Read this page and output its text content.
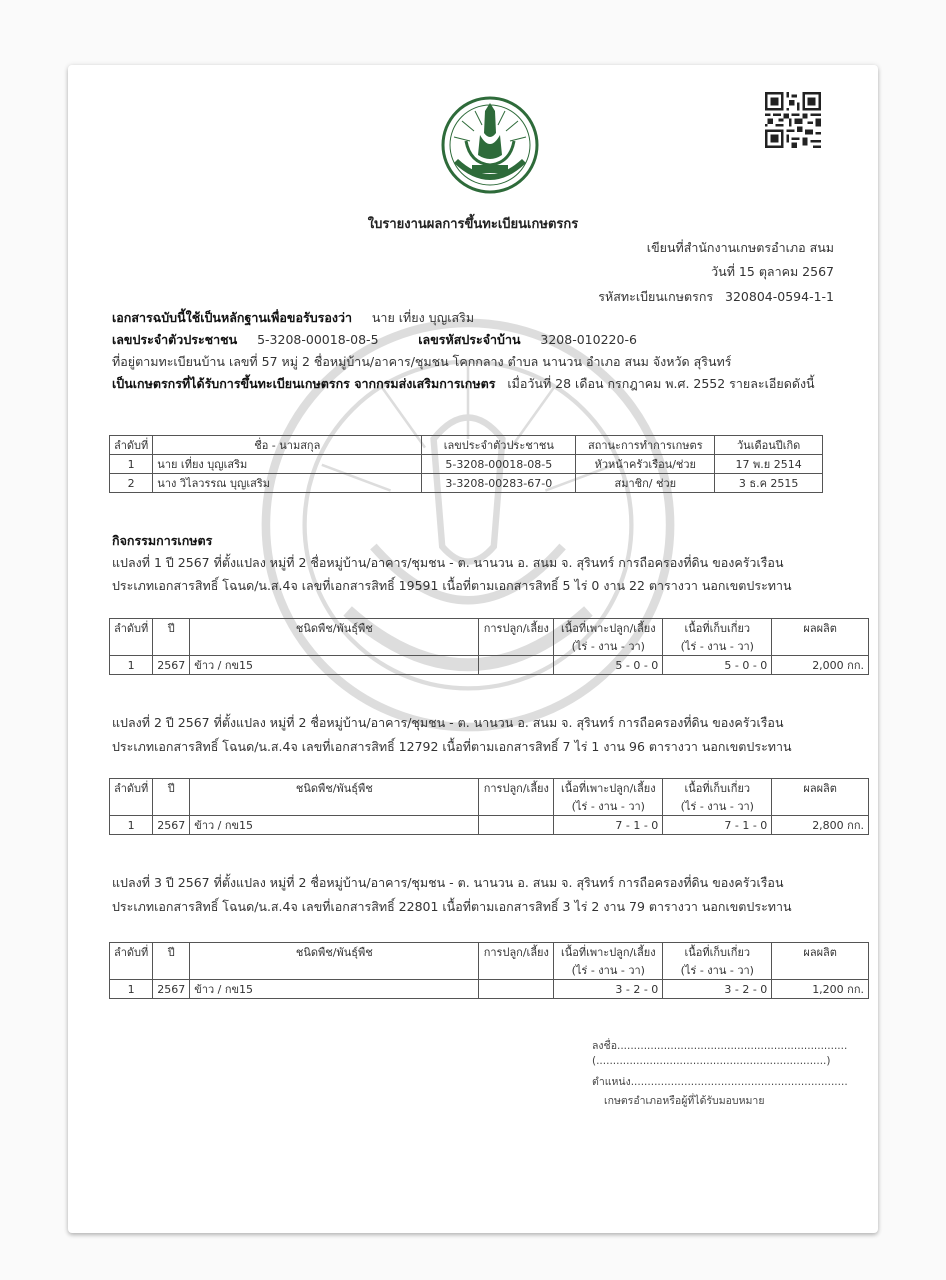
ใบรายงานผลการขึ้นทะเบียนเกษตรกร
เขียนที่สำนักงานเกษตรอำเภอ สนม
วันที่ 15 ตุลาคม 2567
รหัสทะเบียนเกษตรกร 320804-0594-1-1
เอกสารฉบับนี้ใช้เป็นหลักฐานเพื่อขอรับรองว่า นาย เที่ยง บุญเสริม
เลขประจำตัวประชาชน 5-3208-00018-08-5	เลขรหัสประจำบ้าน 3208-010220-6
ที่อยู่ตามทะเบียนบ้าน เลขที่ 57 หมู่ 2 ชื่อหมู่บ้าน/อาคาร/ชุมชน โคกกลาง ตำบล นานวน อำเภอ สนม จังหวัด สุรินทร์
เป็นเกษตรกรที่ได้รับการขึ้นทะเบียนเกษตรกร จากกรมส่งเสริมการเกษตร เมื่อวันที่ 28 เดือน กรกฎาคม พ.ศ. 2552 รายละเอียดดังนี้
ลำดับที่	ชื่อ - นามสกุล	เลขประจำตัวประชาชน	สถานะการทำการเกษตร	วันเดือนปีเกิด
1	นาย เที่ยง บุญเสริม	5-3208-00018-08-5	หัวหน้าครัวเรือน/ช่วย	17 พ.ย 2514
2	นาง วิไลวรรณ บุญเสริม	3-3208-00283-67-0	สมาชิก/ ช่วย	3 ธ.ค 2515
กิจกรรมการเกษตร
แปลงที่ 1 ปี 2567 ที่ตั้งแปลง หมู่ที่ 2 ชื่อหมู่บ้าน/อาคาร/ชุมชน - ต. นานวน อ. สนม จ. สุรินทร์ การถือครองที่ดิน ของครัวเรือน
ประเภทเอกสารสิทธิ์ โฉนด/น.ส.4จ เลขที่เอกสารสิทธิ์ 19591 เนื้อที่ตามเอกสารสิทธิ์ 5 ไร่ 0 งาน 22 ตารางวา นอกเขตประทาน
ลำดับที่	ปี	ชนิดพืช/พันธุ์พืช	การปลูก/เลี้ยง	เนื้อที่เพาะปลูก/เลี้ยง	เนื้อที่เก็บเกี่ยว	ผลผลิต
				(ไร่ - งาน - วา)	(ไร่ - งาน - วา)	
1	2567	ข้าว / กข15		5 - 0 - 0	5 - 0 - 0	2,000 กก.
แปลงที่ 2 ปี 2567 ที่ตั้งแปลง หมู่ที่ 2 ชื่อหมู่บ้าน/อาคาร/ชุมชน - ต. นานวน อ. สนม จ. สุรินทร์ การถือครองที่ดิน ของครัวเรือน
ประเภทเอกสารสิทธิ์ โฉนด/น.ส.4จ เลขที่เอกสารสิทธิ์ 12792 เนื้อที่ตามเอกสารสิทธิ์ 7 ไร่ 1 งาน 96 ตารางวา นอกเขตประทาน
ลำดับที่	ปี	ชนิดพืช/พันธุ์พืช	การปลูก/เลี้ยง	เนื้อที่เพาะปลูก/เลี้ยง	เนื้อที่เก็บเกี่ยว	ผลผลิต
				(ไร่ - งาน - วา)	(ไร่ - งาน - วา)	
1	2567	ข้าว / กข15		7 - 1 - 0	7 - 1 - 0	2,800 กก.
แปลงที่ 3 ปี 2567 ที่ตั้งแปลง หมู่ที่ 2 ชื่อหมู่บ้าน/อาคาร/ชุมชน - ต. นานวน อ. สนม จ. สุรินทร์ การถือครองที่ดิน ของครัวเรือน
ประเภทเอกสารสิทธิ์ โฉนด/น.ส.4จ เลขที่เอกสารสิทธิ์ 22801 เนื้อที่ตามเอกสารสิทธิ์ 3 ไร่ 2 งาน 79 ตารางวา นอกเขตประทาน
ลำดับที่	ปี	ชนิดพืช/พันธุ์พืช	การปลูก/เลี้ยง	เนื้อที่เพาะปลูก/เลี้ยง	เนื้อที่เก็บเกี่ยว	ผลผลิต
				(ไร่ - งาน - วา)	(ไร่ - งาน - วา)	
1	2567	ข้าว / กข15		3 - 2 - 0	3 - 2 - 0	1,200 กก.
ลงชื่อ.....................................................................
(.....................................................................)
ตำแหน่ง.................................................................
เกษตรอำเภอหรือผู้ที่ได้รับมอบหมาย
